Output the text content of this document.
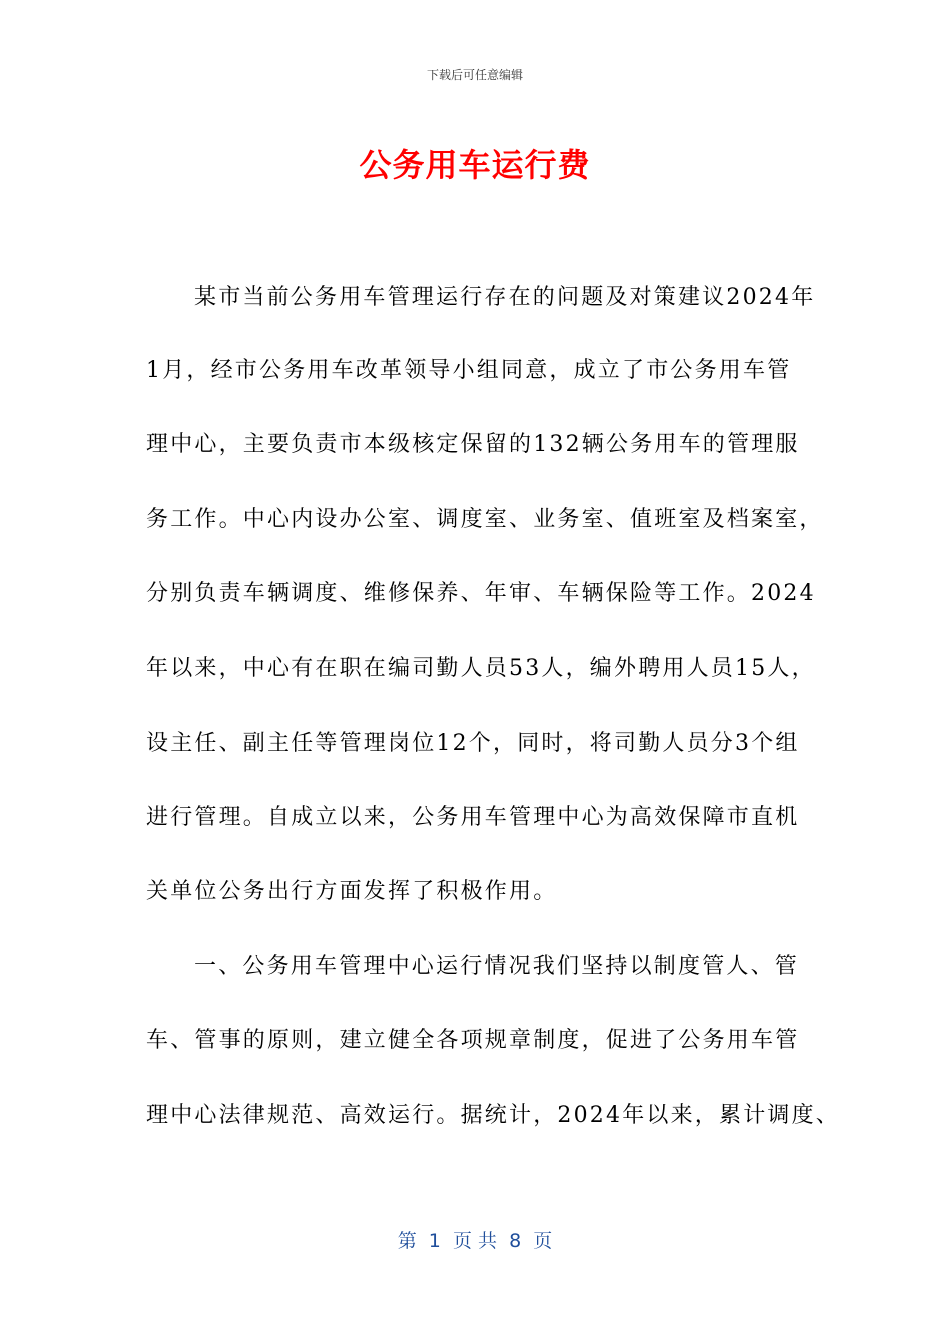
下载后可任意编辑
公务用车运行费
某市当前公务用车管理运行存在的问题及对策建议2024年
1月，经市公务用车改革领导小组同意，成立了市公务用车管
理中心，主要负责市本级核定保留的132辆公务用车的管理服
务工作。中心内设办公室、调度室、业务室、值班室及档案室，
分别负责车辆调度、维修保养、年审、车辆保险等工作。2024
年以来，中心有在职在编司勤人员53人，编外聘用人员15人，
设主任、副主任等管理岗位12个，同时，将司勤人员分3个组
进行管理。自成立以来，公务用车管理中心为高效保障市直机
关单位公务出行方面发挥了积极作用。
一、公务用车管理中心运行情况我们坚持以制度管人、管
车、管事的原则，建立健全各项规章制度，促进了公务用车管
理中心法律规范、高效运行。据统计，2024年以来，累计调度、
第  1  页 共  8  页
